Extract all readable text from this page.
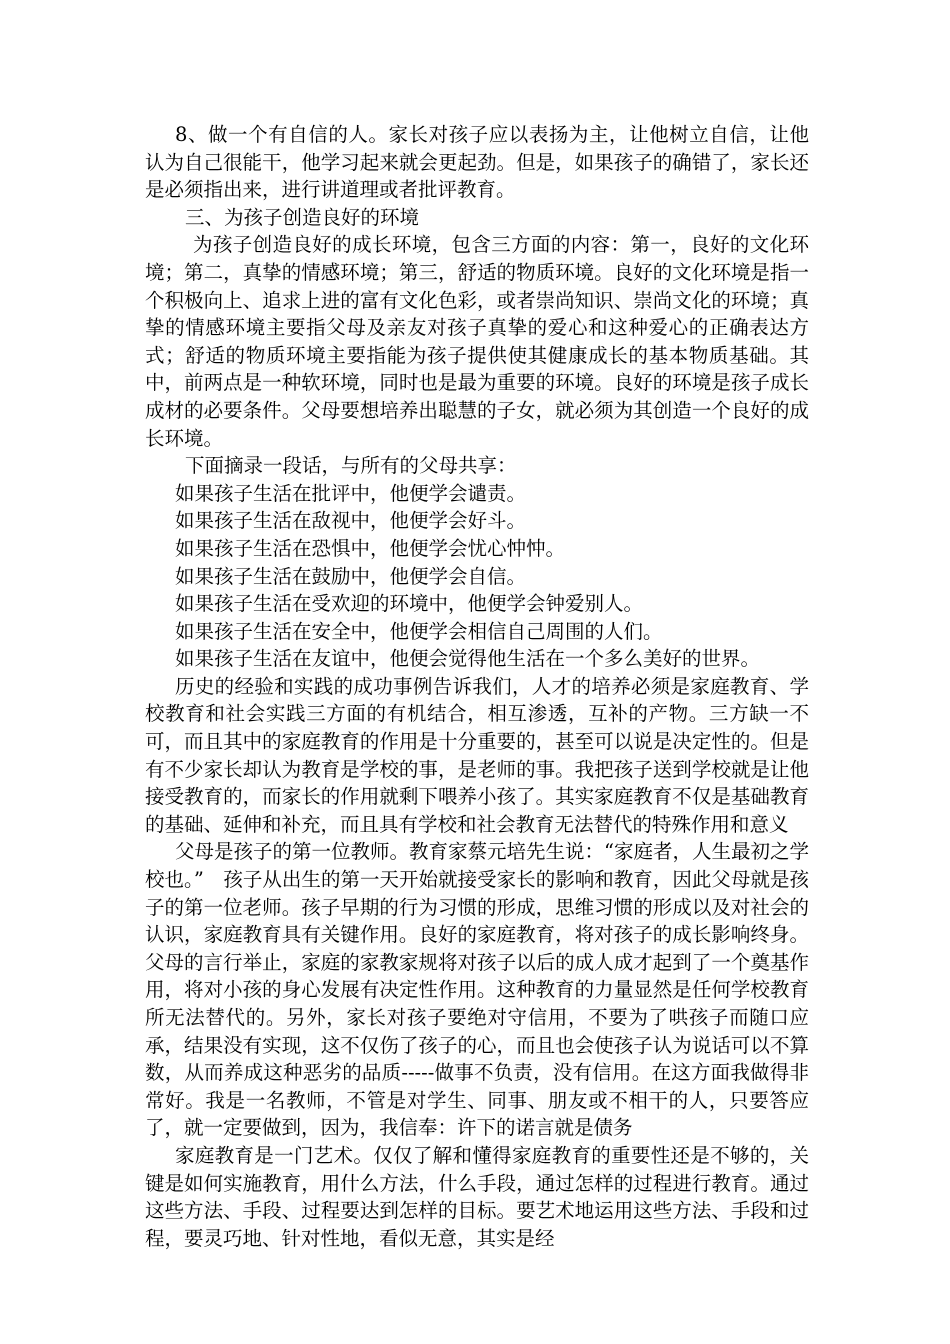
8、做一个有自信的人。家长对孩子应以表扬为主，让他树立自信，让他认为自己很能干，他学习起来就会更起劲。但是，如果孩子的确错了，家长还是必须指出来，进行讲道理或者批评教育。

三、为孩子创造良好的环境

为孩子创造良好的成长环境，包含三方面的内容：第一，良好的文化环境；第二，真挚的情感环境；第三，舒适的物质环境。良好的文化环境是指一个积极向上、追求上进的富有文化色彩，或者崇尚知识、崇尚文化的环境；真挚的情感环境主要指父母及亲友对孩子真挚的爱心和这种爱心的正确表达方式；舒适的物质环境主要指能为孩子提供使其健康成长的基本物质基础。其中，前两点是一种软环境，同时也是最为重要的环境。良好的环境是孩子成长成材的必要条件。父母要想培养出聪慧的子女，就必须为其创造一个良好的成长环境。

下面摘录一段话，与所有的父母共享：

如果孩子生活在批评中，他便学会谴责。

如果孩子生活在敌视中，他便学会好斗。

如果孩子生活在恐惧中，他便学会忧心忡忡。

如果孩子生活在鼓励中，他便学会自信。

如果孩子生活在受欢迎的环境中，他便学会钟爱别人。

如果孩子生活在安全中，他便学会相信自己周围的人们。

如果孩子生活在友谊中，他便会觉得他生活在一个多么美好的世界。

历史的经验和实践的成功事例告诉我们，人才的培养必须是家庭教育、学校教育和社会实践三方面的有机结合，相互渗透，互补的产物。三方缺一不可，而且其中的家庭教育的作用是十分重要的，甚至可以说是决定性的。但是有不少家长却认为教育是学校的事，是老师的事。我把孩子送到学校就是让他接受教育的，而家长的作用就剩下喂养小孩了。其实家庭教育不仅是基础教育的基础、延伸和补充，而且具有学校和社会教育无法替代的特殊作用和意义

父母是孩子的第一位教师。教育家蔡元培先生说：“家庭者，人生最初之学校也。”　孩子从出生的第一天开始就接受家长的影响和教育，因此父母就是孩子的第一位老师。孩子早期的行为习惯的形成，思维习惯的形成以及对社会的认识，家庭教育具有关键作用。良好的家庭教育，将对孩子的成长影响终身。父母的言行举止，家庭的家教家规将对孩子以后的成人成才起到了一个奠基作用，将对小孩的身心发展有决定性作用。这种教育的力量显然是任何学校教育所无法替代的。另外，家长对孩子要绝对守信用，不要为了哄孩子而随口应承，结果没有实现，这不仅伤了孩子的心，而且也会使孩子认为说话可以不算数，从而养成这种恶劣的品质-----做事不负责，没有信用。在这方面我做得非常好。我是一名教师，不管是对学生、同事、朋友或不相干的人，只要答应了，就一定要做到，因为，我信奉：许下的诺言就是债务

家庭教育是一门艺术。仅仅了解和懂得家庭教育的重要性还是不够的，关键是如何实施教育，用什么方法，什么手段，通过怎样的过程进行教育。通过这些方法、手段、过程要达到怎样的目标。要艺术地运用这些方法、手段和过程，要灵巧地、针对性地，看似无意，其实是经
